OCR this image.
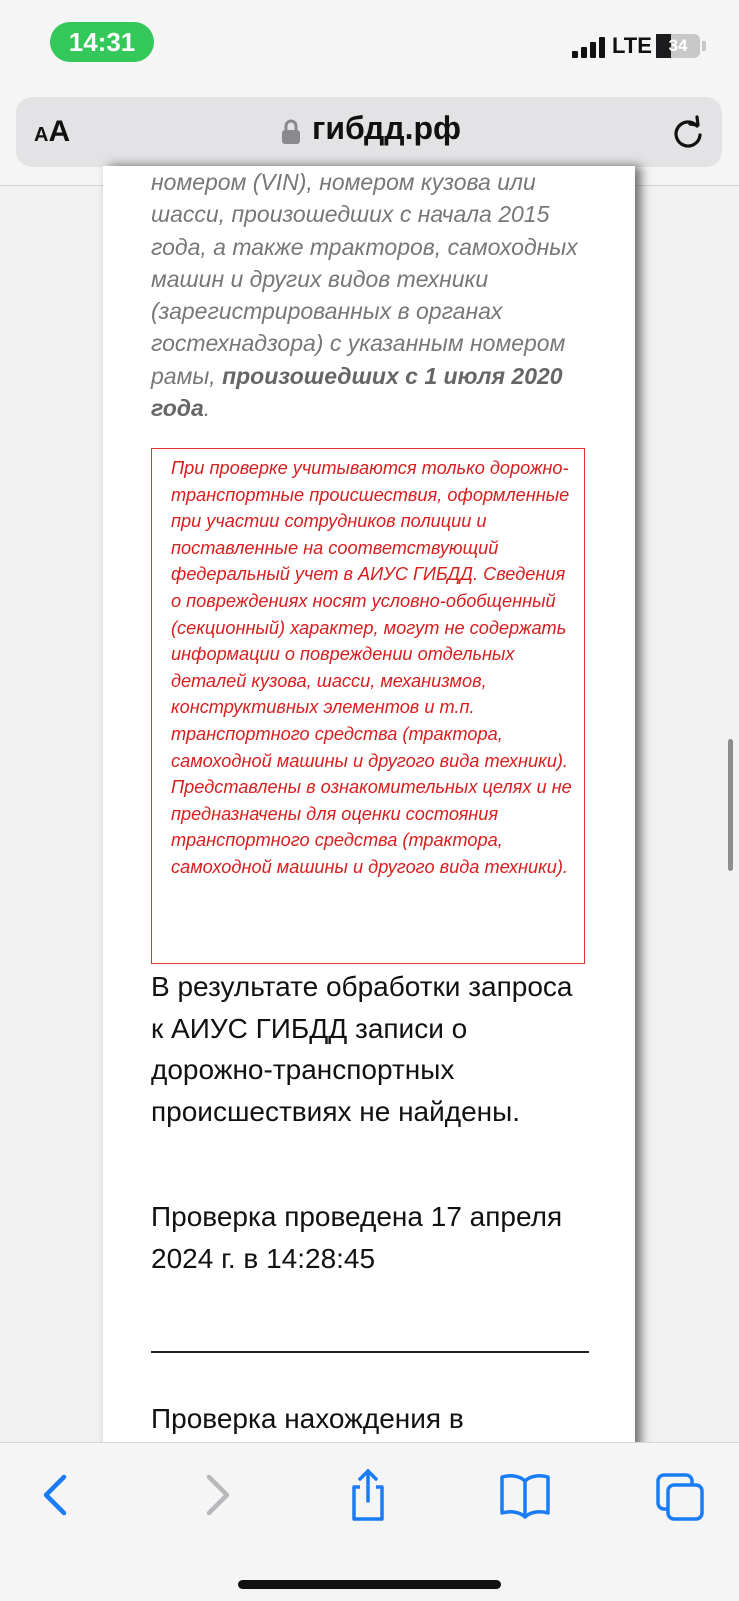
14:31	LTE 34
AA	гибдд.рф
номером (VIN), номером кузова или шасси, произошедших с начала 2015 года, а также тракторов, самоходных машин и других видов техники (зарегистрированных в органах гостехнадзора) с указанным номером рамы, произошедших с 1 июля 2020 года.
При проверке учитываются только дорожно-транспортные происшествия, оформленные при участии сотрудников полиции и поставленные на соответствующий федеральный учет в АИУС ГИБДД. Сведения о повреждениях носят условно-обобщенный (секционный) характер, могут не содержать информации о повреждении отдельных деталей кузова, шасси, механизмов, конструктивных элементов и т.п. транспортного средства (трактора, самоходной машины и другого вида техники). Представлены в ознакомительных целях и не предназначены для оценки состояния транспортного средства (трактора, самоходной машины и другого вида техники).
В результате обработки запроса к АИУС ГИБДД записи о дорожно-транспортных происшествиях не найдены.
Проверка проведена 17 апреля 2024 г. в 14:28:45
Проверка нахождения в
